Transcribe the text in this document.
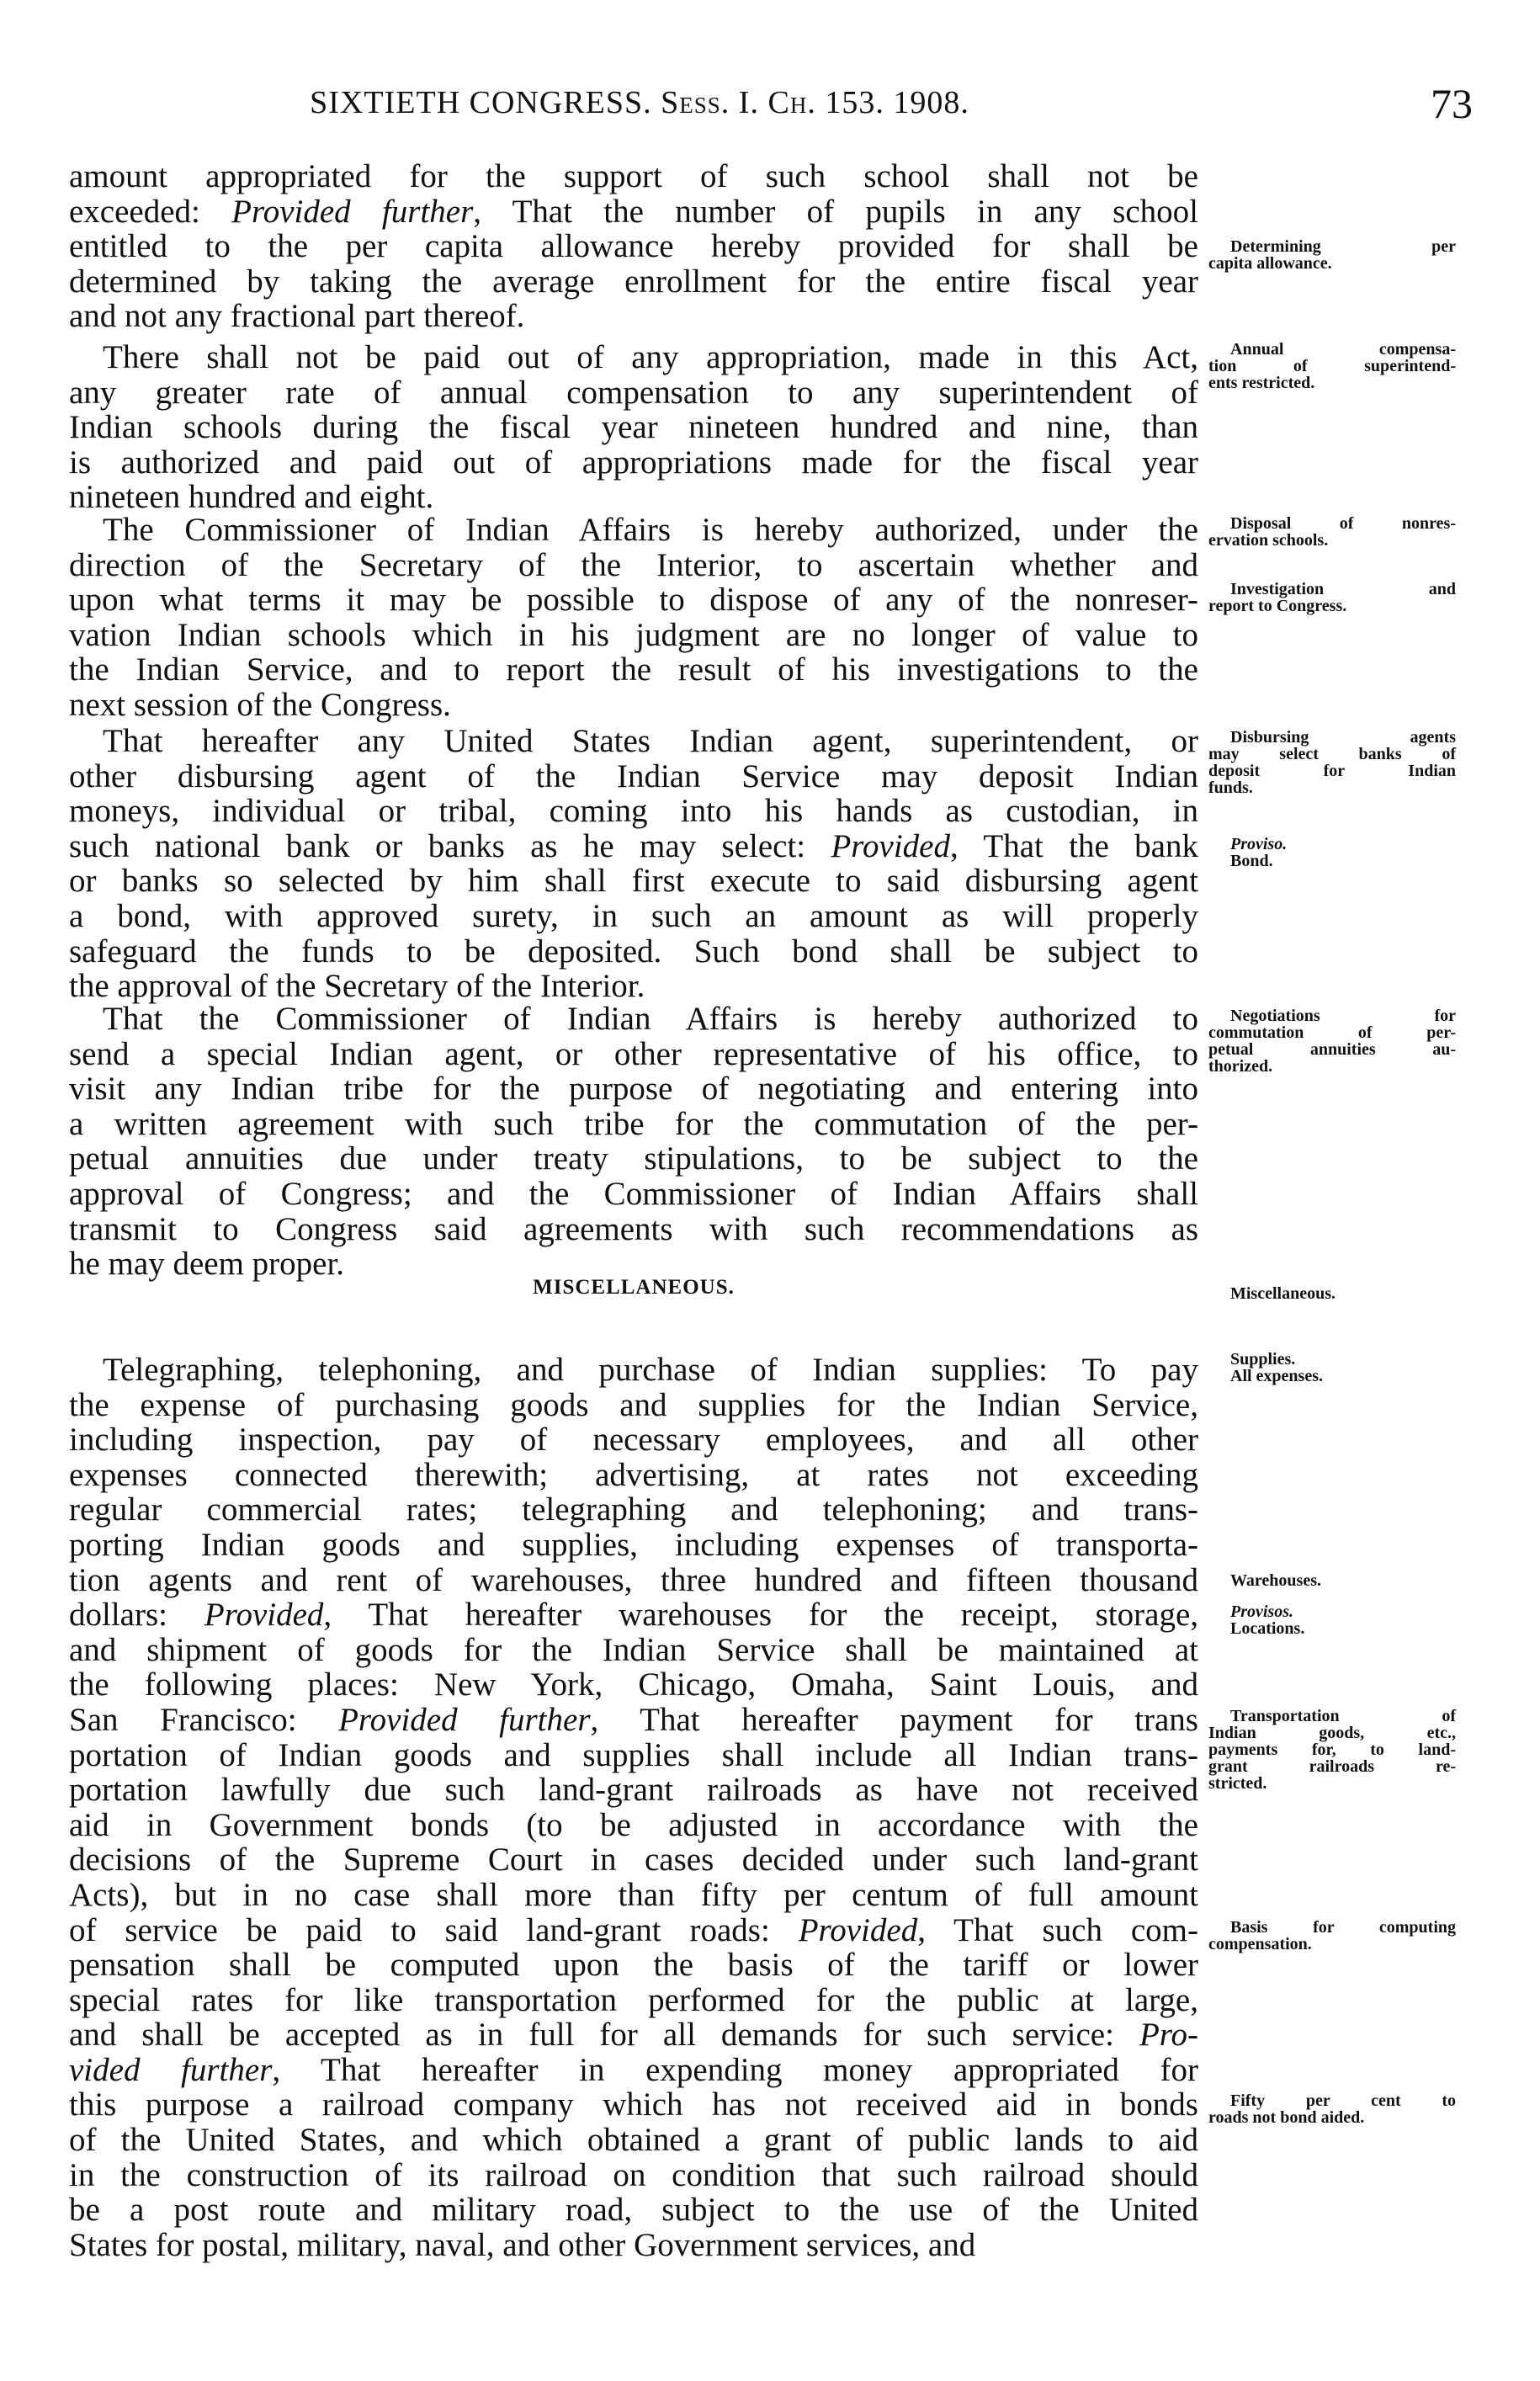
SIXTIETH CONGRESS. Sess. I. Ch. 153. 1908.	73
amount appropriated for the support of such school shall not be
exceeded: Provided further, That the number of pupils in any school
entitled to the per capita allowance hereby provided for shall be
determined by taking the average enrollment for the entire fiscal year
and not any fractional part thereof.
There shall not be paid out of any appropriation, made in this Act,
any greater rate of annual compensation to any superintendent of
Indian schools during the fiscal year nineteen hundred and nine, than
is authorized and paid out of appropriations made for the fiscal year
nineteen hundred and eight.
The Commissioner of Indian Affairs is hereby authorized, under the
direction of the Secretary of the Interior, to ascertain whether and
upon what terms it may be possible to dispose of any of the nonreser-
vation Indian schools which in his judgment are no longer of value to
the Indian Service, and to report the result of his investigations to the
next session of the Congress.
That hereafter any United States Indian agent, superintendent, or
other disbursing agent of the Indian Service may deposit Indian
moneys, individual or tribal, coming into his hands as custodian, in
such national bank or banks as he may select: Provided, That the bank
or banks so selected by him shall first execute to said disbursing agent
a bond, with approved surety, in such an amount as will properly
safeguard the funds to be deposited. Such bond shall be subject to
the approval of the Secretary of the Interior.
That the Commissioner of Indian Affairs is hereby authorized to
send a special Indian agent, or other representative of his office, to
visit any Indian tribe for the purpose of negotiating and entering into
a written agreement with such tribe for the commutation of the per-
petual annuities due under treaty stipulations, to be subject to the
approval of Congress; and the Commissioner of Indian Affairs shall
transmit to Congress said agreements with such recommendations as
he may deem proper.
Telegraphing, telephoning, and purchase of Indian supplies: To pay
the expense of purchasing goods and supplies for the Indian Service,
including inspection, pay of necessary employees, and all other
expenses connected therewith; advertising, at rates not exceeding
regular commercial rates; telegraphing and telephoning; and trans-
porting Indian goods and supplies, including expenses of transporta-
tion agents and rent of warehouses, three hundred and fifteen thousand
dollars: Provided, That hereafter warehouses for the receipt, storage,
and shipment of goods for the Indian Service shall be maintained at
the following places: New York, Chicago, Omaha, Saint Louis, and
San Francisco: Provided further, That hereafter payment for trans
portation of Indian goods and supplies shall include all Indian trans-
portation lawfully due such land-grant railroads as have not received
aid in Government bonds (to be adjusted in accordance with the
decisions of the Supreme Court in cases decided under such land-grant
Acts), but in no case shall more than fifty per centum of full amount
of service be paid to said land-grant roads: Provided, That such com-
pensation shall be computed upon the basis of the tariff or lower
special rates for like transportation performed for the public at large,
and shall be accepted as in full for all demands for such service: Pro-
vided further, That hereafter in expending money appropriated for
this purpose a railroad company which has not received aid in bonds
of the United States, and which obtained a grant of public lands to aid
in the construction of its railroad on condition that such railroad should
be a post route and military road, subject to the use of the United
States for postal, military, naval, and other Government services, and
MISCELLANEOUS.
Determining per
capita allowance.
Annual compensa-
tion of superintend-
ents restricted.
Disposal of nonres-
ervation schools.
Investigation and
report to Congress.
Disbursing agents
may select banks of
deposit for Indian
funds.
Proviso.
Bond.
Negotiations for
commutation of per-
petual annuities au-
thorized.
Miscellaneous.
Supplies.
All expenses.
Warehouses.
Provisos.
Locations.
Transportation of
Indian goods, etc.,
payments for, to land-
grant railroads re-
stricted.
Basis for computing
compensation.
Fifty per cent to
roads not bond aided.
